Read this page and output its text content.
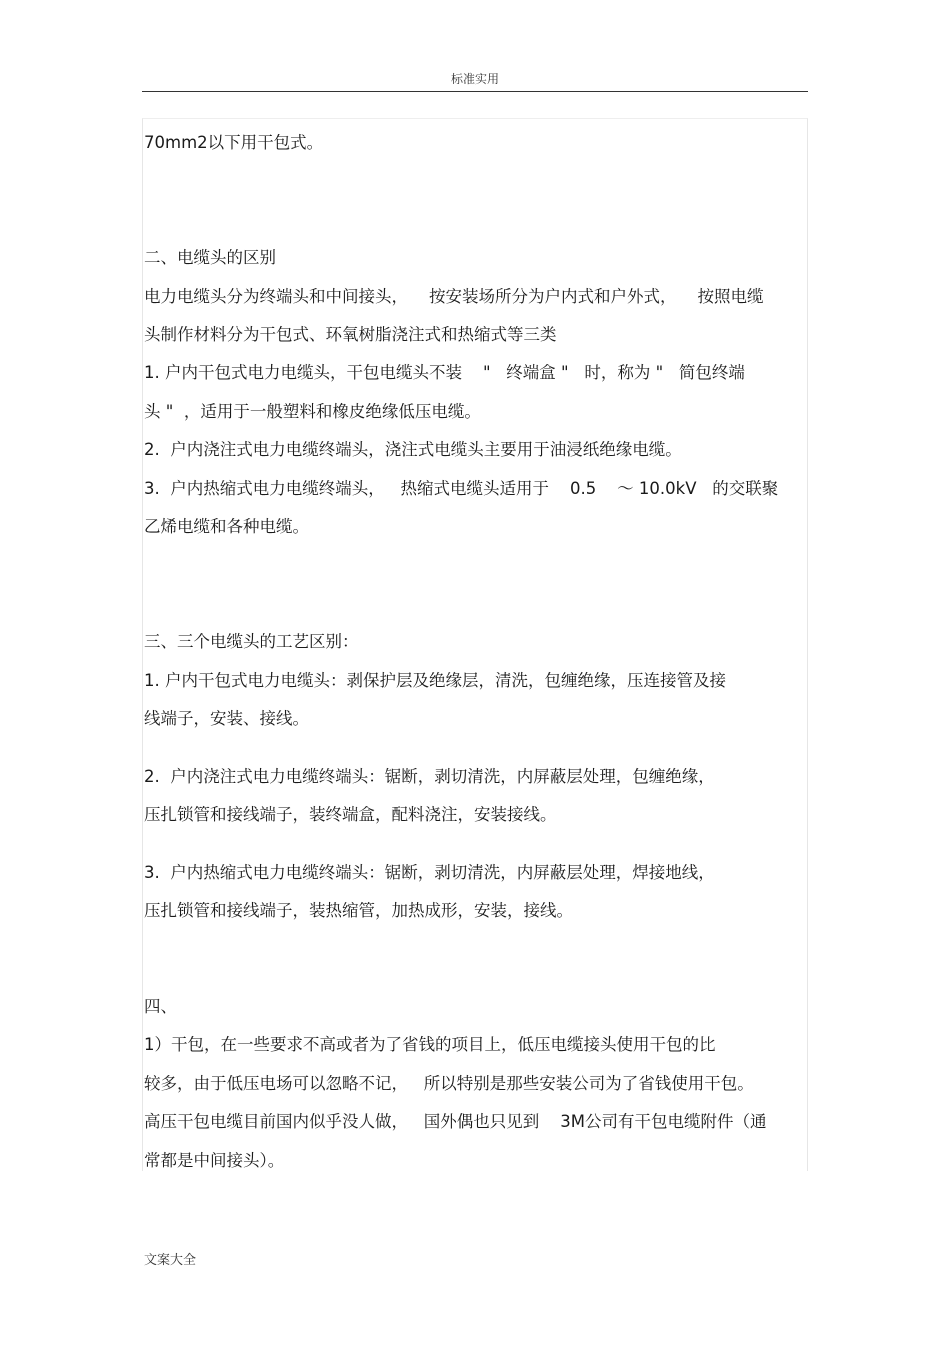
标准实用
70mm2以下用干包式。
二、电缆头的区别
电力电缆头分为终端头和中间接头，    按安装场所分为户内式和户外式，    按照电缆
头制作材料分为干包式、环氧树脂浇注式和热缩式等三类
1. 户内干包式电力电缆头，干包电缆头不装    "   终端盒 "   时，称为 "   简包终端
头 "  ，适用于一般塑料和橡皮绝缘低压电缆。
2.  户内浇注式电力电缆终端头，浇注式电缆头主要用于油浸纸绝缘电缆。
3.  户内热缩式电力电缆终端头，   热缩式电缆头适用于    0.5    ～ 10.0kV   的交联聚
乙烯电缆和各种电缆。
三、三个电缆头的工艺区别：
1. 户内干包式电力电缆头：剥保护层及绝缘层，清洗，包缠绝缘，压连接管及接
线端子，安装、接线。
2.  户内浇注式电力电缆终端头：锯断，剥切清洗，内屏蔽层处理，包缠绝缘，
压扎锁管和接线端子，装终端盒，配料浇注，安装接线。
3.  户内热缩式电力电缆终端头：锯断，剥切清洗，内屏蔽层处理，焊接地线，
压扎锁管和接线端子，装热缩管，加热成形，安装，接线。
四、
1）干包，在一些要求不高或者为了省钱的项目上，低压电缆接头使用干包的比
较多，由于低压电场可以忽略不记，   所以特别是那些安装公司为了省钱使用干包。
高压干包电缆目前国内似乎没人做，   国外偶也只见到    3M公司有干包电缆附件（通
常都是中间接头）。
文案大全
